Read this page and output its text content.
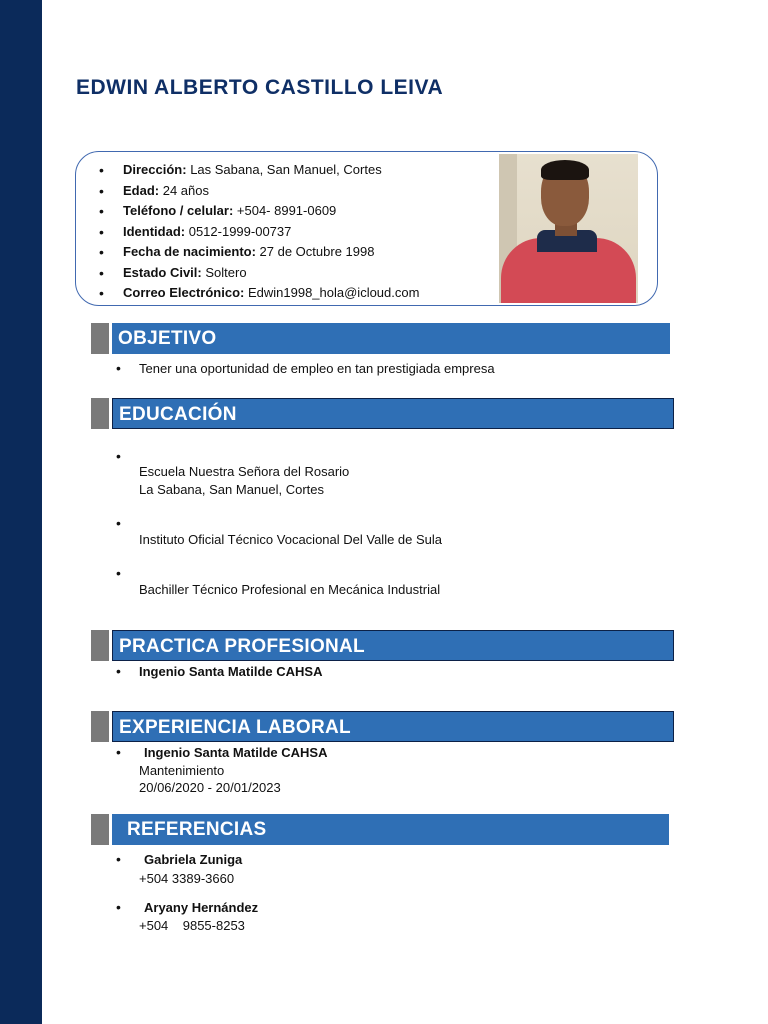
EDWIN ALBERTO CASTILLO LEIVA
• Dirección: Las Sabana, San Manuel, Cortes
• Edad: 24 años
• Teléfono / celular: +504- 8991-0609
• Identidad: 0512-1999-00737
• Fecha de nacimiento: 27 de Octubre 1998
• Estado Civil: Soltero
• Correo Electrónico: Edwin1998_hola@icloud.com
OBJETIVO
• Tener una oportunidad de empleo en tan prestigiada empresa
EDUCACIÓN
•
Escuela Nuestra Señora del Rosario
La Sabana, San Manuel, Cortes
•
Instituto Oficial Técnico Vocacional Del Valle de Sula
•
Bachiller Técnico Profesional en Mecánica Industrial
PRACTICA PROFESIONAL
• Ingenio Santa Matilde CAHSA
EXPERIENCIA LABORAL
• Ingenio Santa Matilde CAHSA
Mantenimiento
20/06/2020 - 20/01/2023
REFERENCIAS
• Gabriela Zuniga
+504 3389-3660
• Aryany Hernández
+504    9855-8253
